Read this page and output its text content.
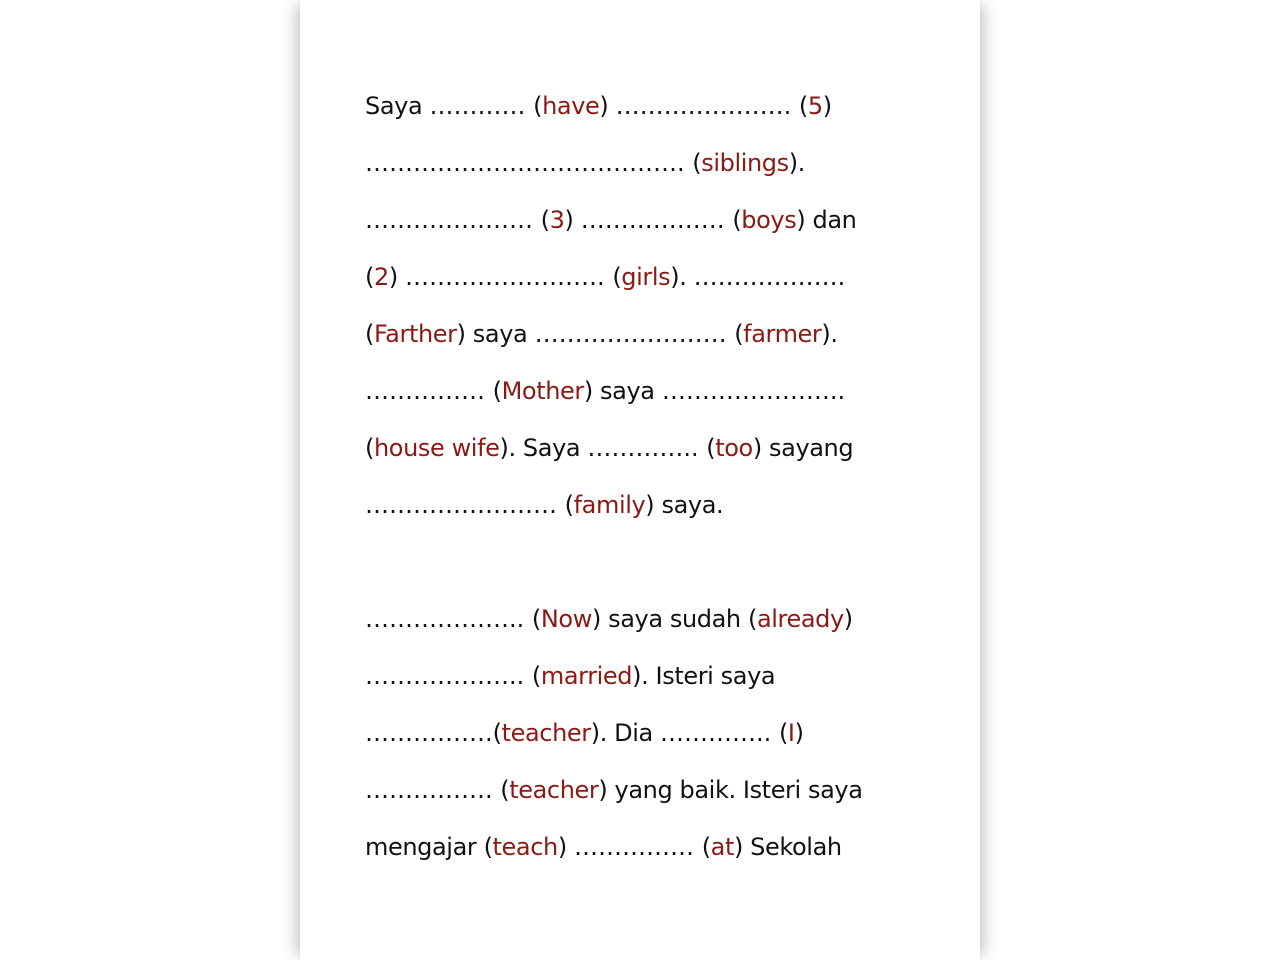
Saya ………… (have) …………………. (5)
…………………………………. (siblings).
………………… (3) ……………… (boys) dan
(2) ……………………. (girls). ……………….
(Farther) saya …………………… (farmer).
…………… (Mother) saya …………………..
(house wife). Saya ………….. (too) sayang
…………………… (family) saya.
……………….. (Now) saya sudah (already)
……………….. (married). Isteri saya
…………….(teacher). Dia ………….. (I)
……………. (teacher) yang baik. Isteri saya
mengajar (teach) …………… (at) Sekolah
